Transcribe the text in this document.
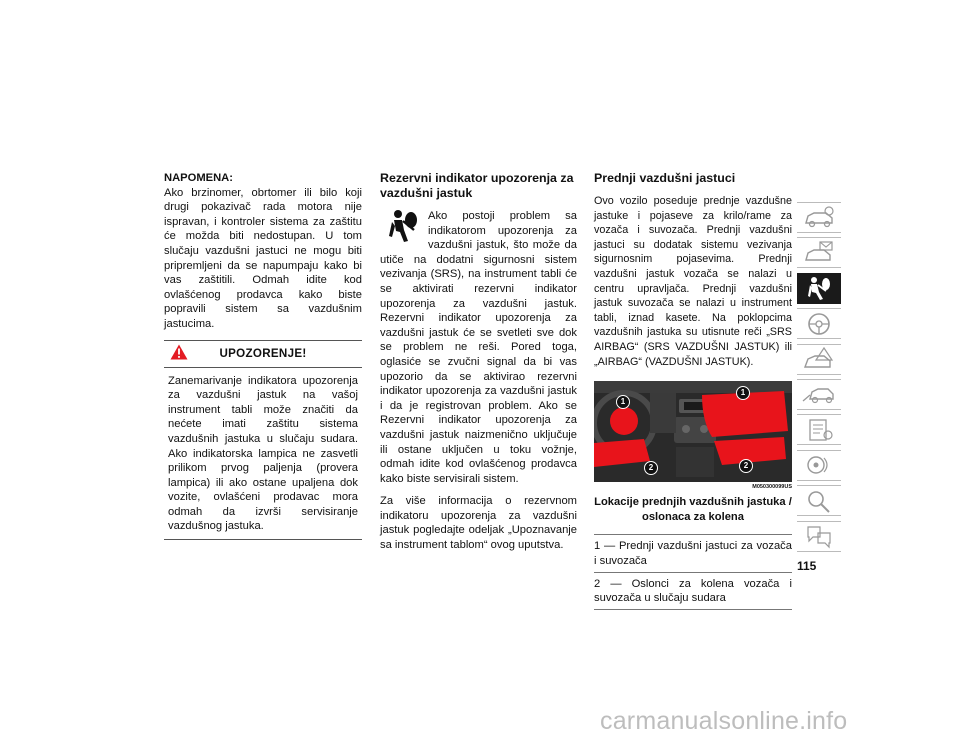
NAPOMENA:

Ako brzinomer, obrtomer ili bilo koji drugi pokazivač rada motora nije ispravan, i kontroler sistema za zaštitu će možda biti nedostupan. U tom slučaju vazdušni jastuci ne mogu biti pripremljeni da se napumpaju kako bi vas zaštitili. Odmah idite kod ovlašćenog prodavca kako biste popravili sistem sa vazdušnim jastucima.

UPOZORENJE!

Zanemarivanje indikatora upozorenja za vazdušni jastuk na vašoj instrument tabli može značiti da nećete imati zaštitu sistema vazdušnih jastuka u slučaju sudara. Ako indikatorska lampica ne zasvetli prilikom prvog paljenja (provera lampica) ili ako ostane upaljena dok vozite, ovlašćeni prodavac mora odmah da izvrši servisiranje vazdušnog jastuka.

Rezervni indikator upozorenja za vazdušni jastuk

Ako postoji problem sa indikatorom upozorenja za vazdušni jastuk, što može da utiče na dodatni sigurnosni sistem vezivanja (SRS), na instrument tabli će se aktivirati rezervni indikator upozorenja za vazdušni jastuk. Rezervni indikator upozorenja za vazdušni jastuk će se svetleti sve dok se problem ne reši. Pored toga, oglasiće se zvučni signal da bi vas upozorio da se aktivirao rezervni indikator upozorenja za vazdušni jastuk i da je registrovan problem. Ako se Rezervni indikator upozorenja za vazdušni jastuk naizmenično uključuje ili ostane uključen u toku vožnje, odmah idite kod ovlašćenog prodavca kako biste servisirali sistem.

Za više informacija o rezervnom indikatoru upozorenja za vazdušni jastuk pogledajte odeljak „Upoznavanje sa instrument tablom“ ovog uputstva.

Prednji vazdušni jastuci

Ovo vozilo poseduje prednje vazdušne jastuke i pojaseve za krilo/rame za vozača i suvozača. Prednji vazdušni jastuci su dodatak sistemu vezivanja sigurnosnim pojasevima. Prednji vazdušni jastuk vozača se nalazi u centru upravljača. Prednji vazdušni jastuk suvozača se nalazi u instrument tabli, iznad kasete. Na poklopcima vazdušnih jastuka su utisnute reči „SRS AIRBAG“ (SRS VAZDUŠNI JASTUK) ili „AIRBAG“ (VAZDUŠNI JASTUK).

1
1
2	2
M050300099US
Lokacije prednjih vazdušnih jastuka / oslonaca za kolena
1 — Prednji vazdušni jastuci za vozača i suvozača
2 — Oslonci za kolena vozača i suvozača u slučaju sudara
115
carmanualsonline.info
